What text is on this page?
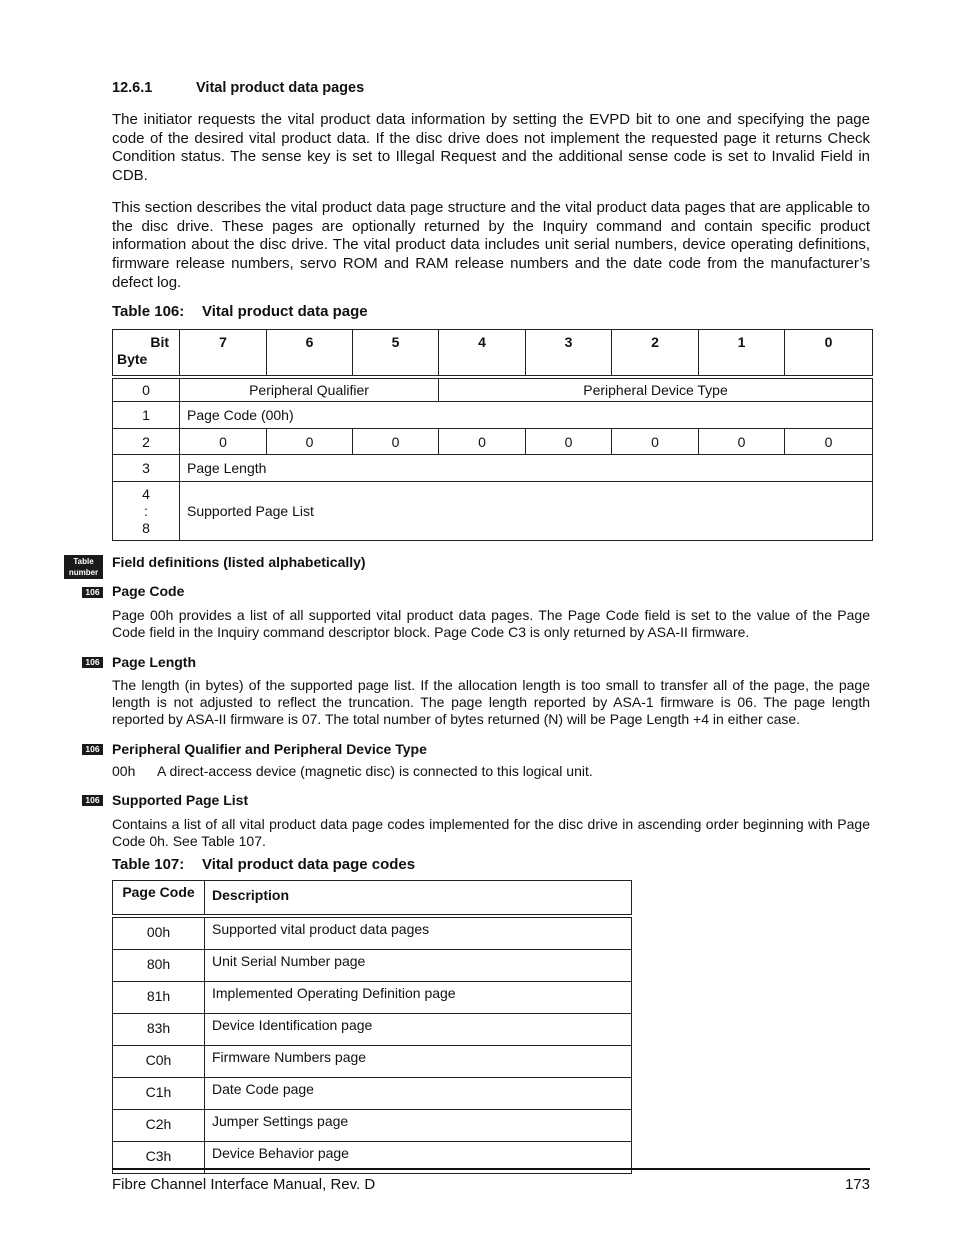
12.6.1	Vital product data pages
The initiator requests the vital product data information by setting the EVPD bit to one and specifying the page code of the desired vital product data. If the disc drive does not implement the requested page it returns Check Condition status. The sense key is set to Illegal Request and the additional sense code is set to Invalid Field in CDB.
This section describes the vital product data page structure and the vital product data pages that are applicable to the disc drive. These pages are optionally returned by the Inquiry command and contain specific product information about the disc drive. The vital product data includes unit serial numbers, device operating definitions, firmware release numbers, servo ROM and RAM release numbers and the date code from the manufacturer’s defect log.
Table 106: Vital product data page
Bit
Byte	7	6	5	4	3	2	1	0

0	Peripheral Qualifier			Peripheral Device Type				
1	Page Code (00h)							
2	0	0	0	0	0	0	0	0
3	Page Length							

4
:
8	Supported Page List							
Table
number
Field definitions (listed alphabetically)
106 Page Code
Page 00h provides a list of all supported vital product data pages. The Page Code field is set to the value of the Page Code field in the Inquiry command descriptor block. Page Code C3 is only returned by ASA-II firmware.
106 Page Length
The length (in bytes) of the supported page list. If the allocation length is too small to transfer all of the page, the page length is not adjusted to reflect the truncation. The page length reported by ASA-1 firmware is 06. The page length reported by ASA-II firmware is 07. The total number of bytes returned (N) will be Page Length +4 in either case.
106 Peripheral Qualifier and Peripheral Device Type
00h A direct-access device (magnetic disc) is connected to this logical unit.
106 Supported Page List
Contains a list of all vital product data page codes implemented for the disc drive in ascending order beginning with Page Code 0h. See Table 107.
Table 107: Vital product data page codes
Page Code	Description

00h	Supported vital product data pages
80h	Unit Serial Number page
81h	Implemented Operating Definition page
83h	Device Identification page
C0h	Firmware Numbers page
C1h	Date Code page
C2h	Jumper Settings page
C3h	Device Behavior page
Fibre Channel Interface Manual, Rev. D	173
